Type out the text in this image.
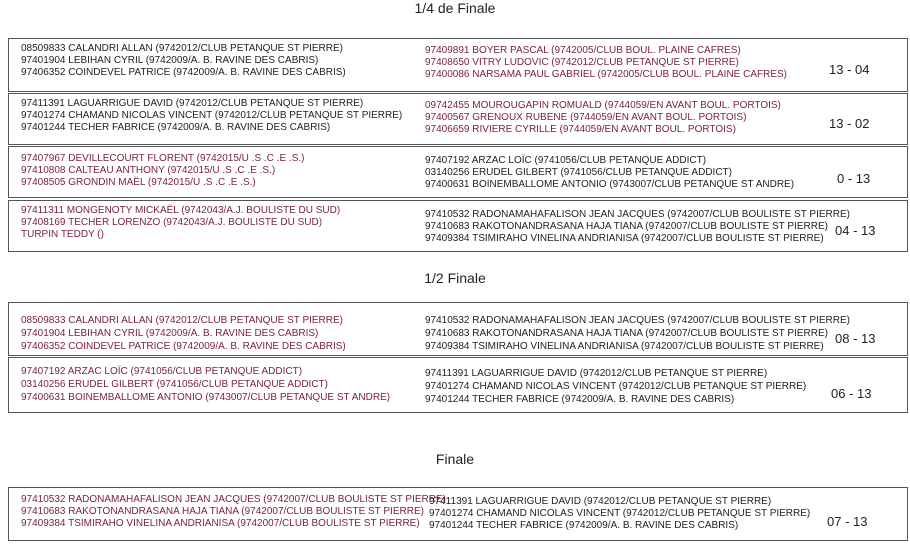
1/4 de Finale
1/2 Finale
Finale
08509833 CALANDRI ALLAN (9742012/CLUB PETANQUE ST PIERRE)
97401904 LEBIHAN CYRIL (9742009/A. B. RAVINE DES CABRIS)
97406352 COINDEVEL PATRICE (9742009/A. B. RAVINE DES CABRIS)
97409891 BOYER PASCAL (9742005/CLUB BOUL. PLAINE CAFRES)
97408650 VITRY LUDOVIC (9742012/CLUB PETANQUE ST PIERRE)
97400086 NARSAMA PAUL GABRIEL (9742005/CLUB BOUL. PLAINE CAFRES)	13 - 04
97411391 LAGUARRIGUE DAVID (9742012/CLUB PETANQUE ST PIERRE)
97401274 CHAMAND NICOLAS VINCENT (9742012/CLUB PETANQUE ST PIERRE)
97401244 TECHER FABRICE (9742009/A. B. RAVINE DES CABRIS)
09742455 MOUROUGAPIN ROMUALD (9744059/EN AVANT BOUL. PORTOIS)
97400567 GRENOUX RUBENE (9744059/EN AVANT BOUL. PORTOIS)
97406659 RIVIERE CYRILLE (9744059/EN AVANT BOUL. PORTOIS)	13 - 02
97407967 DEVILLECOURT FLORENT (9742015/U .S .C .E .S.)
97410808 CALTEAU ANTHONY (9742015/U .S .C .E .S.)
97408505 GRONDIN MAËL (9742015/U .S .C .E .S.)
97407192 ARZAC LOÏC (9741056/CLUB PETANQUE ADDICT)
03140256 ERUDEL GILBERT (9741056/CLUB PETANQUE ADDICT)
97400631 BOINEMBALLOME ANTONIO (9743007/CLUB PETANQUE ST ANDRE)	0 - 13
97411311 MONGENOTY MICKAËL (9742043/A.J. BOULISTE DU SUD)
97408169 TECHER LORENZO (9742043/A.J. BOULISTE DU SUD)
TURPIN TEDDY ()
97410532 RADONAMAHAFALISON JEAN JACQUES (9742007/CLUB BOULISTE ST PIERRE)
97410683 RAKOTONANDRASANA HAJA TIANA (9742007/CLUB BOULISTE ST PIERRE)
97409384 TSIMIRAHO VINELINA ANDRIANISA (9742007/CLUB BOULISTE ST PIERRE)
04 - 13
08509833 CALANDRI ALLAN (9742012/CLUB PETANQUE ST PIERRE)
97401904 LEBIHAN CYRIL (9742009/A. B. RAVINE DES CABRIS)
97406352 COINDEVEL PATRICE (9742009/A. B. RAVINE DES CABRIS)
97410532 RADONAMAHAFALISON JEAN JACQUES (9742007/CLUB BOULISTE ST PIERRE)
97410683 RAKOTONANDRASANA HAJA TIANA (9742007/CLUB BOULISTE ST PIERRE)
97409384 TSIMIRAHO VINELINA ANDRIANISA (9742007/CLUB BOULISTE ST PIERRE)
08 - 13
97407192 ARZAC LOÏC (9741056/CLUB PETANQUE ADDICT)
03140256 ERUDEL GILBERT (9741056/CLUB PETANQUE ADDICT)
97400631 BOINEMBALLOME ANTONIO (9743007/CLUB PETANQUE ST ANDRE)
97411391 LAGUARRIGUE DAVID (9742012/CLUB PETANQUE ST PIERRE)
97401274 CHAMAND NICOLAS VINCENT (9742012/CLUB PETANQUE ST PIERRE)
97401244 TECHER FABRICE (9742009/A. B. RAVINE DES CABRIS)	06 - 13
97410532 RADONAMAHAFALISON JEAN JACQUES (9742007/CLUB BOULISTE ST PIERRE)
97410683 RAKOTONANDRASANA HAJA TIANA (9742007/CLUB BOULISTE ST PIERRE)
97409384 TSIMIRAHO VINELINA ANDRIANISA (9742007/CLUB BOULISTE ST PIERRE)
97411391 LAGUARRIGUE DAVID (9742012/CLUB PETANQUE ST PIERRE)
97401274 CHAMAND NICOLAS VINCENT (9742012/CLUB PETANQUE ST PIERRE)
97401244 TECHER FABRICE (9742009/A. B. RAVINE DES CABRIS)	07 - 13
